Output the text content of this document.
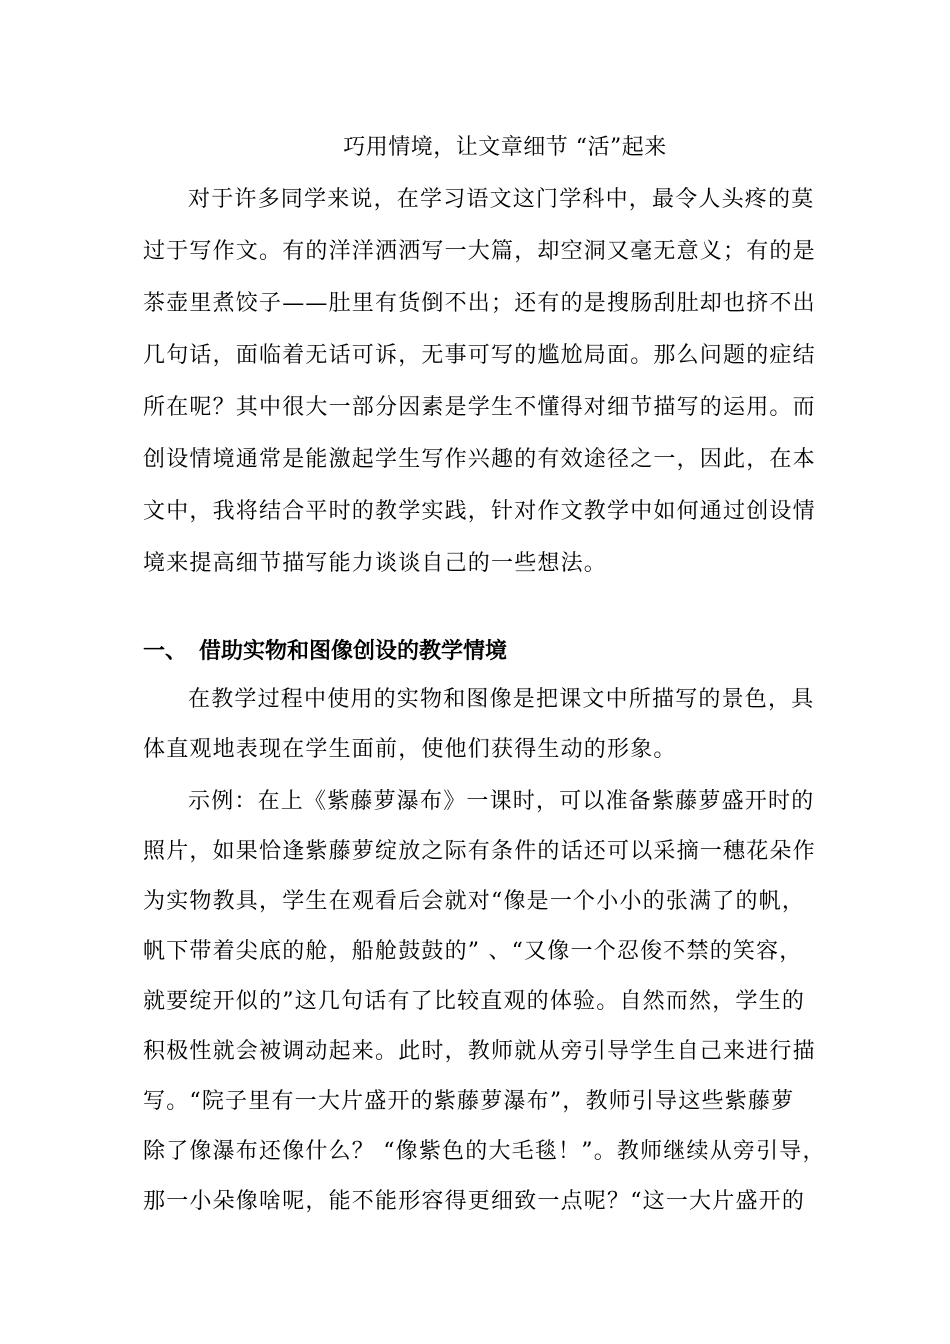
巧用情境，让文章细节 “活”起来
对于许多同学来说，在学习语文这门学科中，最令人头疼的莫
过于写作文。有的洋洋洒洒写一大篇，却空洞又毫无意义；有的是
茶壶里煮饺子——肚里有货倒不出；还有的是搜肠刮肚却也挤不出
几句话，面临着无话可诉，无事可写的尴尬局面。那么问题的症结
所在呢？其中很大一部分因素是学生不懂得对细节描写的运用。而
创设情境通常是能激起学生写作兴趣的有效途径之一，因此，在本
文中，我将结合平时的教学实践，针对作文教学中如何通过创设情
境来提高细节描写能力谈谈自己的一些想法。
一、 借助实物和图像创设的教学情境
在教学过程中使用的实物和图像是把课文中所描写的景色，具
体直观地表现在学生面前，使他们获得生动的形象。
示例：在上《紫藤萝瀑布》一课时，可以准备紫藤萝盛开时的
照片，如果恰逢紫藤萝绽放之际有条件的话还可以采摘一穗花朵作
为实物教具，学生在观看后会就对“像是一个小小的张满了的帆，
帆下带着尖底的舱，船舱鼓鼓的” 、“又像一个忍俊不禁的笑容，
就要绽开似的”这几句话有了比较直观的体验。自然而然，学生的
积极性就会被调动起来。此时，教师就从旁引导学生自己来进行描
写。“院子里有一大片盛开的紫藤萝瀑布”，教师引导这些紫藤萝
除了像瀑布还像什么？ “像紫色的大毛毯！”。教师继续从旁引导，
那一小朵像啥呢，能不能形容得更细致一点呢？“这一大片盛开的
